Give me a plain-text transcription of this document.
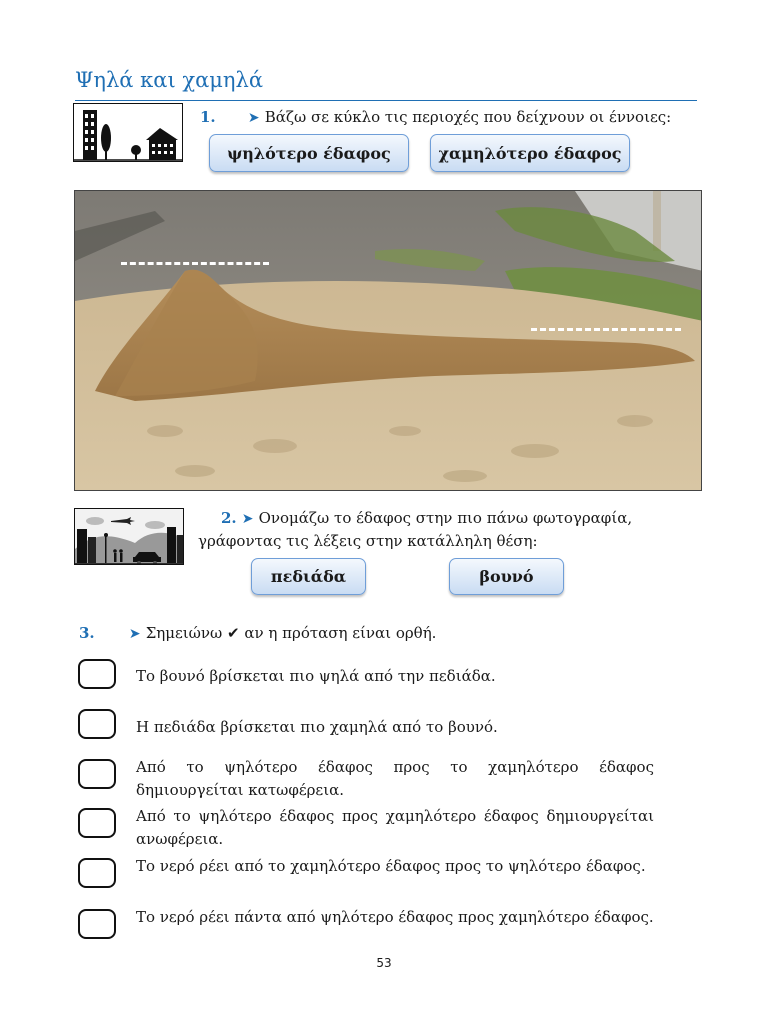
Ψηλά και χαμηλά
1. ➤ Βάζω σε κύκλο τις περιοχές που δείχνουν οι έννοιες:
ψηλότερο έδαφος	χαμηλότερο έδαφος
2. ➤ Ονομάζω το έδαφος στην πιο πάνω φωτογραφία,
γράφοντας τις λέξεις στην κατάλληλη θέση:
πεδιάδα	βουνό
3. ➤ Σημειώνω ✔ αν η πρόταση είναι ορθή.
Το βουνό βρίσκεται πιο ψηλά από την πεδιάδα.
Η πεδιάδα βρίσκεται πιο χαμηλά από το βουνό.
Από το ψηλότερο έδαφος προς το χαμηλότερο έδαφος δημιουργείται κατωφέρεια.
Από το ψηλότερο έδαφος προς χαμηλότερο έδαφος δημιουργείται ανωφέρεια.
Το νερό ρέει από το χαμηλότερο έδαφος προς το ψηλότερο έδαφος.
Το νερό ρέει πάντα από ψηλότερο έδαφος προς χαμηλότερο έδαφος.
53
